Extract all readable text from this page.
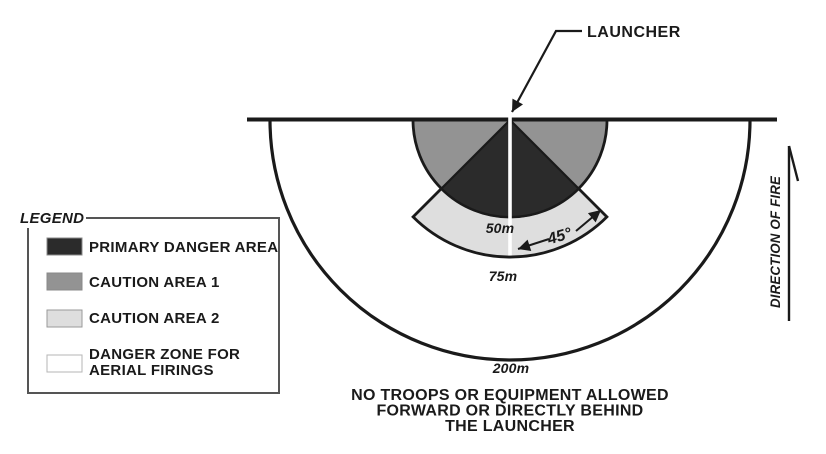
LAUNCHER
45°
50m
75m
200m
DIRECTION OF FIRE
LEGEND
PRIMARY DANGER AREA
CAUTION AREA 1
CAUTION AREA 2
DANGER ZONE FOR
AERIAL FIRINGS
NO TROOPS OR EQUIPMENT ALLOWED
FORWARD OR DIRECTLY BEHIND
THE LAUNCHER
